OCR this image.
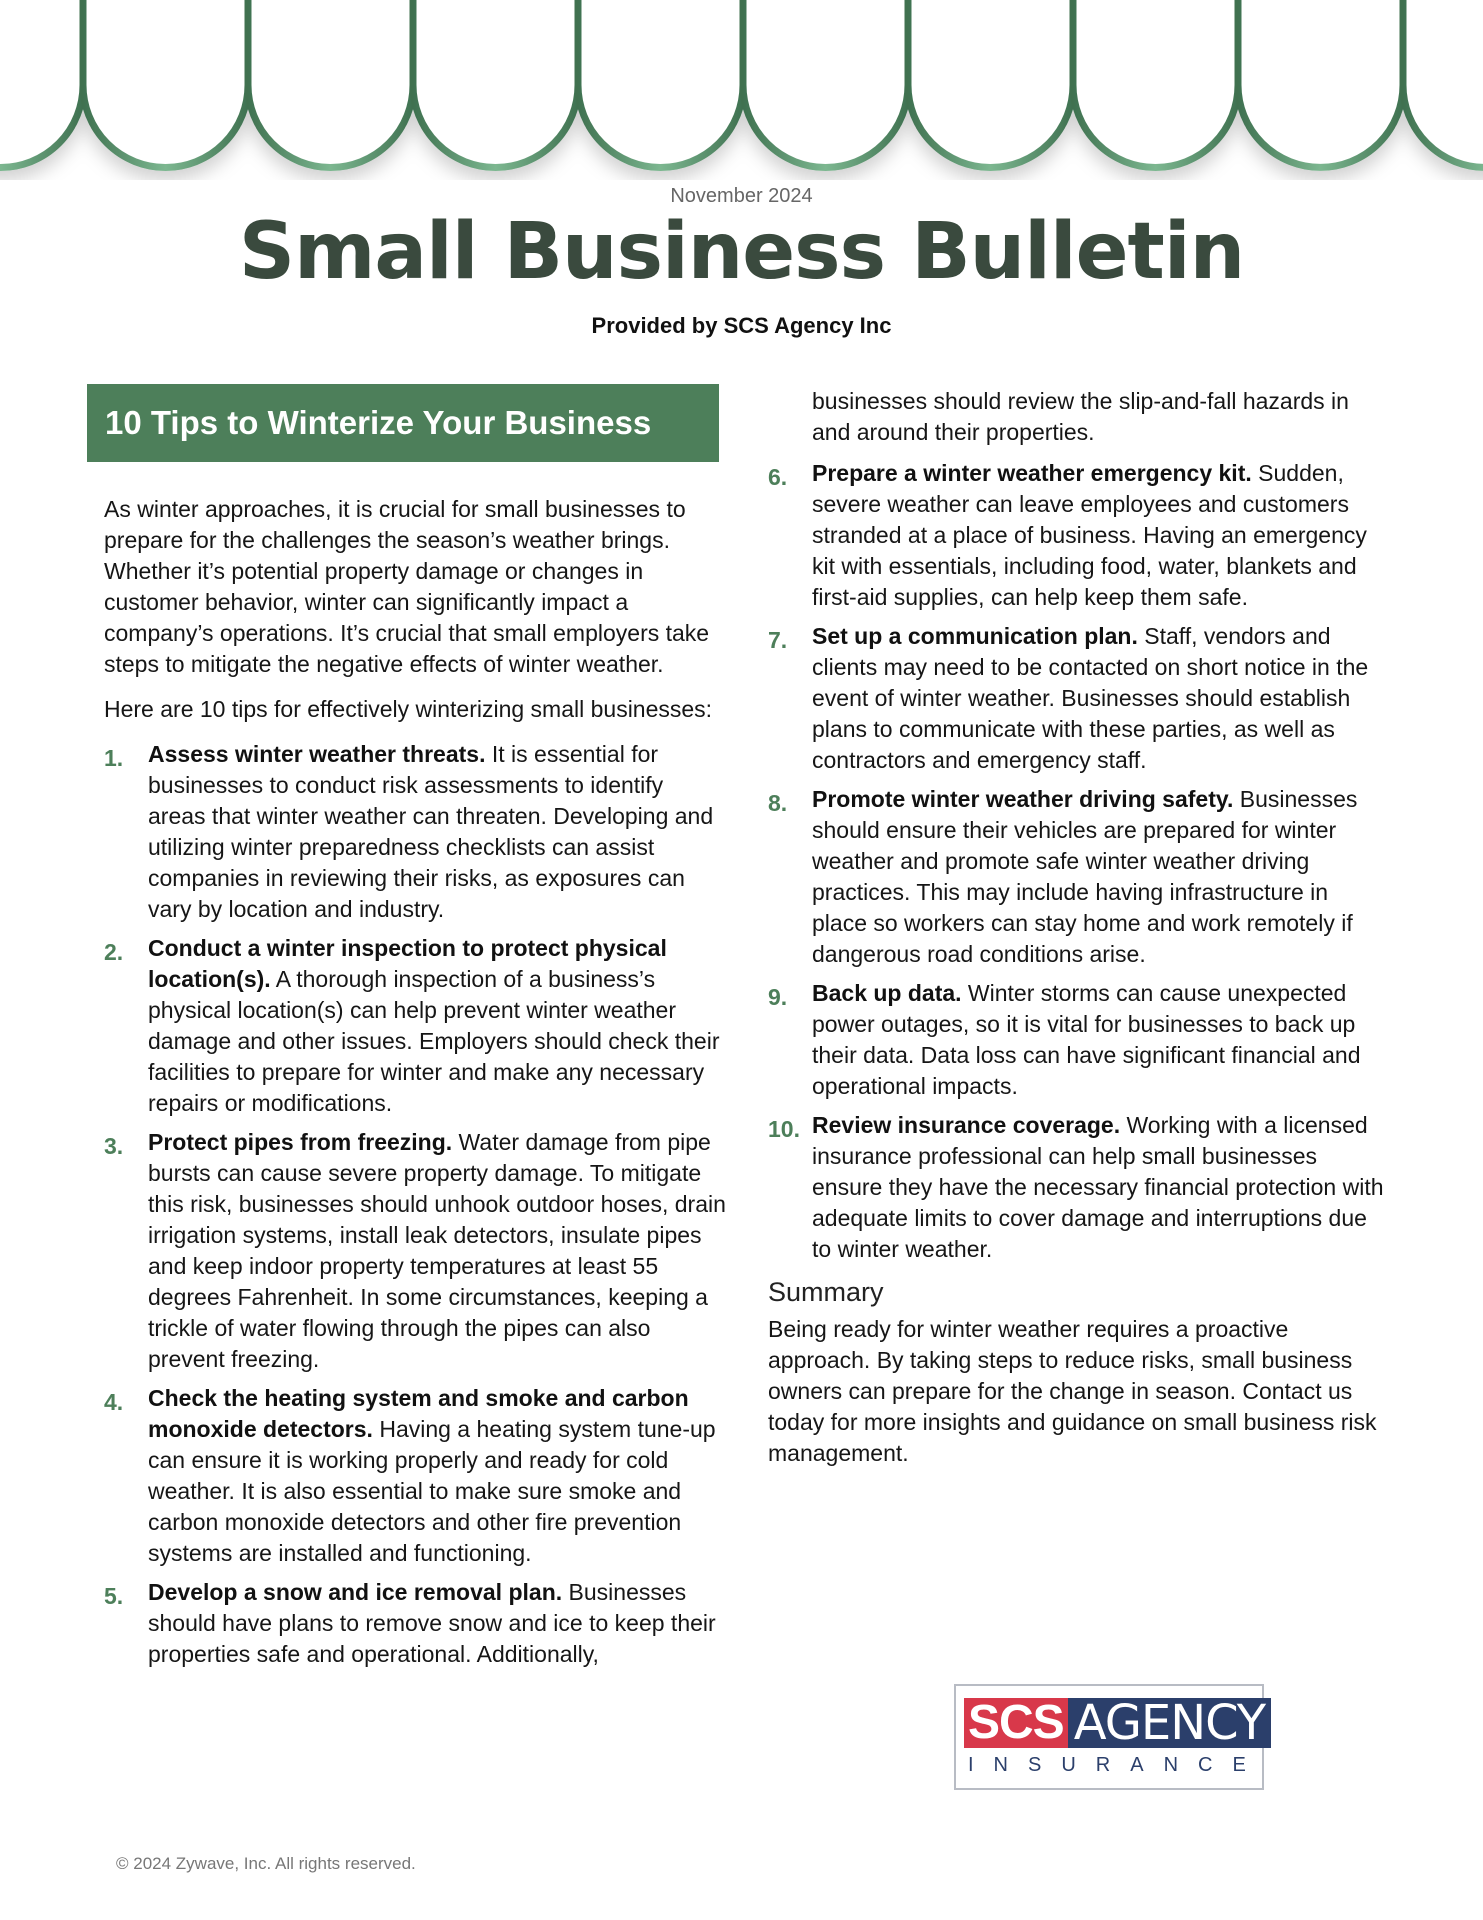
November 2024
Small Business Bulletin
Provided by SCS Agency Inc
10 Tips to Winterize Your Business

As winter approaches, it is crucial for small businesses to prepare for the challenges the season’s weather brings. Whether it’s potential property damage or changes in customer behavior, winter can significantly impact a company’s operations. It’s crucial that small employers take steps to mitigate the negative effects of winter weather.

Here are 10 tips for effectively winterizing small businesses:

1. Assess winter weather threats. It is essential for businesses to conduct risk assessments to identify areas that winter weather can threaten. Developing and utilizing winter preparedness checklists can assist companies in reviewing their risks, as exposures can vary by location and industry.
2. Conduct a winter inspection to protect physical location(s). A thorough inspection of a business’s physical location(s) can help prevent winter weather damage and other issues. Employers should check their facilities to prepare for winter and make any necessary repairs or modifications.
3. Protect pipes from freezing. Water damage from pipe bursts can cause severe property damage. To mitigate this risk, businesses should unhook outdoor hoses, drain irrigation systems, install leak detectors, insulate pipes and keep indoor property temperatures at least 55 degrees Fahrenheit. In some circumstances, keeping a trickle of water flowing through the pipes can also prevent freezing.
4. Check the heating system and smoke and carbon monoxide detectors. Having a heating system tune-up can ensure it is working properly and ready for cold weather. It is also essential to make sure smoke and carbon monoxide detectors and other fire prevention systems are installed and functioning.
5. Develop a snow and ice removal plan. Businesses should have plans to remove snow and ice to keep their properties safe and operational. Additionally,

businesses should review the slip-and-fall hazards in and around their properties.

6. Prepare a winter weather emergency kit. Sudden, severe weather can leave employees and customers stranded at a place of business. Having an emergency kit with essentials, including food, water, blankets and first-aid supplies, can help keep them safe.
7. Set up a communication plan. Staff, vendors and clients may need to be contacted on short notice in the event of winter weather. Businesses should establish plans to communicate with these parties, as well as contractors and emergency staff.
8. Promote winter weather driving safety. Businesses should ensure their vehicles are prepared for winter weather and promote safe winter weather driving practices. This may include having infrastructure in place so workers can stay home and work remotely if dangerous road conditions arise.
9. Back up data. Winter storms can cause unexpected power outages, so it is vital for businesses to back up their data. Data loss can have significant financial and operational impacts.
10. Review insurance coverage. Working with a licensed insurance professional can help small businesses ensure they have the necessary financial protection with adequate limits to cover damage and interruptions due to winter weather.
Summary

Being ready for winter weather requires a proactive approach. By taking steps to reduce risks, small business owners can prepare for the change in season. Contact us today for more insights and guidance on small business risk management.

SCS AGENCY
INSURANCE
© 2024 Zywave, Inc. All rights reserved.
